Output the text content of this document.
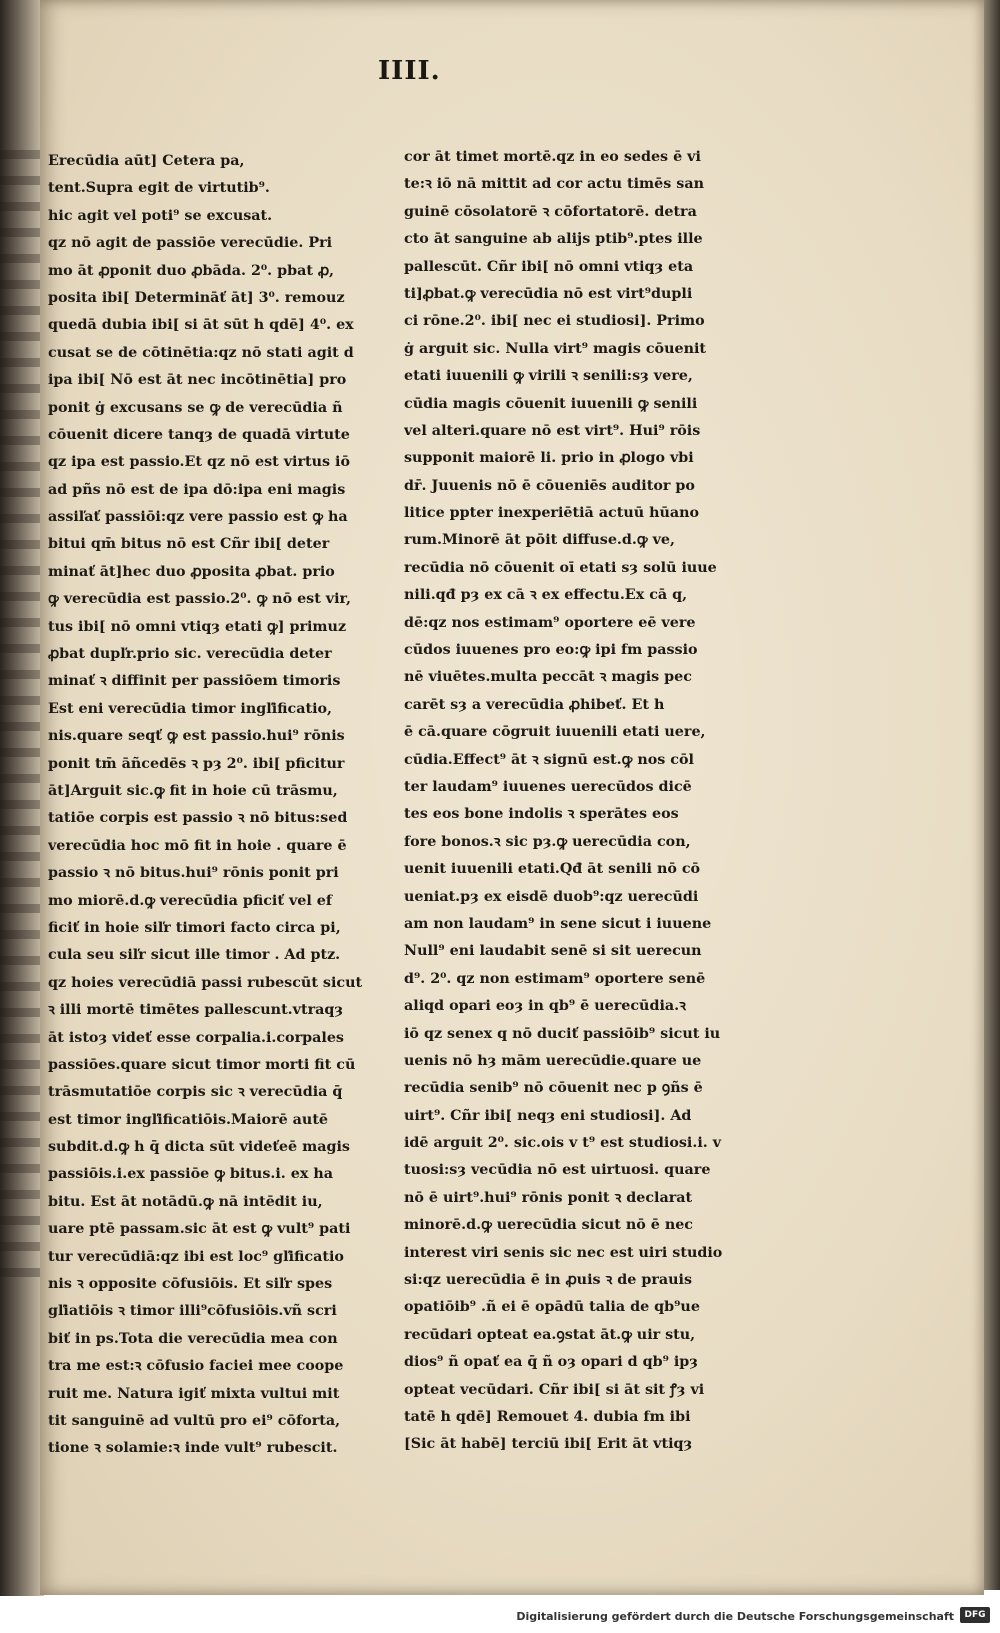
IIII.
Erecūdia aūt] Cetera pa,
tent.Supra egit de virtutib⁹.
hic agit vel poti⁹ se excusat.
qz nō agit de passiōe verecūdie. Pri
mo āt ꝓponit duo ꝓbāda. 2⁰. pbat ꝓ,
posita ibi[ Determināť āt] 3⁰. remouz
quedā dubia ibi[ si āt sūt h qdē] 4⁰. ex
cusat se de cōtinētia:qz nō stati agit d
ipa ibi[ Nō est āt nec incōtinētia] pro
ponit ġ excusans se ꝙ de verecūdia ñ
cōuenit dicere tanqȝ de quadā virtute
qz ipa est passio.Et qz nō est virtus iō
ad pñs nō est de ipa dō:ipa eni magis
assiľať passiōi:qz vere passio est ꝙ ha
bitui qm̄ bitus nō est Cñr ibi[ deter
minať āt]hec duo ꝓposita ꝓbat. prio
ꝙ verecūdia est passio.2⁰. ꝙ nō est vir,
tus ibi[ nō omni vtiqȝ etati ꝙ] primuz
ꝓbat dupľr.prio sic. verecūdia deter
minať ꝛ diffinit per passiōem timoris
Est eni verecūdia timor ingľificatio,
nis.quare seqť ꝙ est passio.hui⁹ rōnis
ponit tm̄ āñcedēs ꝛ pȝ 2⁰. ibi[ pficitur
āt]Arguit sic.ꝙ fit in hoie cū trāsmu,
tatiōe corpis est passio ꝛ nō bitus:sed
verecūdia hoc mō fit in hoie . quare ē
passio ꝛ nō bitus.hui⁹ rōnis ponit pri
mo miorē.d.ꝙ verecūdia pficiť vel ef
ficiť in hoie siľr timori facto circa pi,
cula seu siľr sicut ille timor . Ad ptz.
qz hoies verecūdiā passi rubescūt sicut
ꝛ illi mortē timētes pallescunt.vtraqȝ
āt istoȝ videť esse corpalia.i.corpales
passiōes.quare sicut timor morti fit cū
trāsmutatiōe corpis sic ꝛ verecūdia q̄
est timor ingľificatiōis.Maiorē autē
subdit.d.ꝙ h q̄ dicta sūt videťeē magis
passiōis.i.ex passiōe ꝙ bitus.i. ex ha
bitu. Est āt notādū.ꝙ nā intēdit iu,
uare ptē passam.sic āt est ꝙ vult⁹ pati
tur verecūdiā:qz ibi est loc⁹ gľificatio
nis ꝛ opposite cōfusiōis. Et siľr spes
gľiatiōis ꝛ timor illi⁹cōfusiōis.vñ scri
biť in ps.Tota die verecūdia mea con
tra me est:ꝛ cōfusio faciei mee coope
ruit me. Natura igiť mixta vultui mit
tit sanguinē ad vultū pro ei⁹ cōforta,
tione ꝛ solamie:ꝛ inde vult⁹ rubescit.
cor āt timet mortē.qz in eo sedes ē vi
te:ꝛ iō nā mittit ad cor actu timēs san
guinē cōsolatorē ꝛ cōfortatorē. detra
cto āt sanguine ab aliјs ptib⁹.ptes ille
pallescūt. Cñr ibi[ nō omni vtiqȝ eta
ti]ꝓbat.ꝙ verecūdia nō est virt⁹dupli
ci rōne.2⁰. ibi[ nec ei studiosi]. Primo
ġ arguit sic. Nulla virt⁹ magis cōuenit
etati iuuenili ꝙ virili ꝛ senili:sȝ vere,
cūdia magis cōuenit iuuenili ꝙ senili
vel alteri.quare nō est virt⁹. Hui⁹ rōis
supponit maiorē li. prio in ꝓlogo vbi
dr̄. Juuenis nō ē cōueniēs auditor po
litice ppter inexperiētiā actuū hūano
rum.Minorē āt pōit diffuse.d.ꝙ ve,
recūdia nō cōuenit oī etati sȝ solū iuue
nili.qđ pȝ ex cā ꝛ ex effectu.Ex cā q,
dē:qz nos estimam⁹ oportere eē vere
cūdos iuuenes pro eo:ꝙ ipi fm passio
nē viuētes.multa peccāt ꝛ magis pec
carēt sȝ a verecūdia ꝓhibeť. Et h
ē cā.quare cōgruit iuuenili etati uere,
cūdia.Effect⁹ āt ꝛ signū est.ꝙ nos cōl
ter laudam⁹ iuuenes uerecūdos dicē
tes eos bone indolis ꝛ sperātes eos
fore bonos.ꝛ sic pȝ.ꝙ uerecūdia con,
uenit iuuenili etati.Qđ āt senili nō cō
ueniat.pȝ ex eisdē duob⁹:qz uerecūdi
am non laudam⁹ in sene sicut i iuuene
Null⁹ eni laudabit senē si sit uerecun
d⁹. 2⁰. qz non estimam⁹ oportere senē
aliqd opari eoȝ in qb⁹ ē uerecūdia.ꝛ
iō qz senex q nō duciť passiōib⁹ sicut iu
uenis nō hȝ mām uerecūdie.quare ue
recūdia senib⁹ nō cōuenit nec p ꝯñs ē
uirt⁹. Cñr ibi[ neqȝ eni studiosi]. Ad
idē arguit 2⁰. sic.ois v t⁹ est studiosi.i. v
tuosi:sȝ vecūdia nō est uirtuosi. quare
nō ē uirt⁹.hui⁹ rōnis ponit ꝛ declarat
minorē.d.ꝙ uerecūdia sicut nō ē nec
interest viri senis sic nec est uiri studio
si:qz uerecūdia ē in ꝓuis ꝛ de prauis
opatiōib⁹ .ñ ei ē opādū talia de qb⁹ue
recūdari opteat ea.ꝯstat āt.ꝙ uir stu,
dios⁹ ñ opať ea q̄ ñ oȝ opari d qb⁹ ipȝ
opteat vecūdari. Cñr ibi[ si āt sit ꝭȝ vi
tatē h qdē] Remouet 4. dubia fm ibi
[Sic āt habē] terciū ibi[ Erit āt vtiqȝ
Digitalisierung gefördert durch die Deutsche Forschungsgemeinschaft	DFG
